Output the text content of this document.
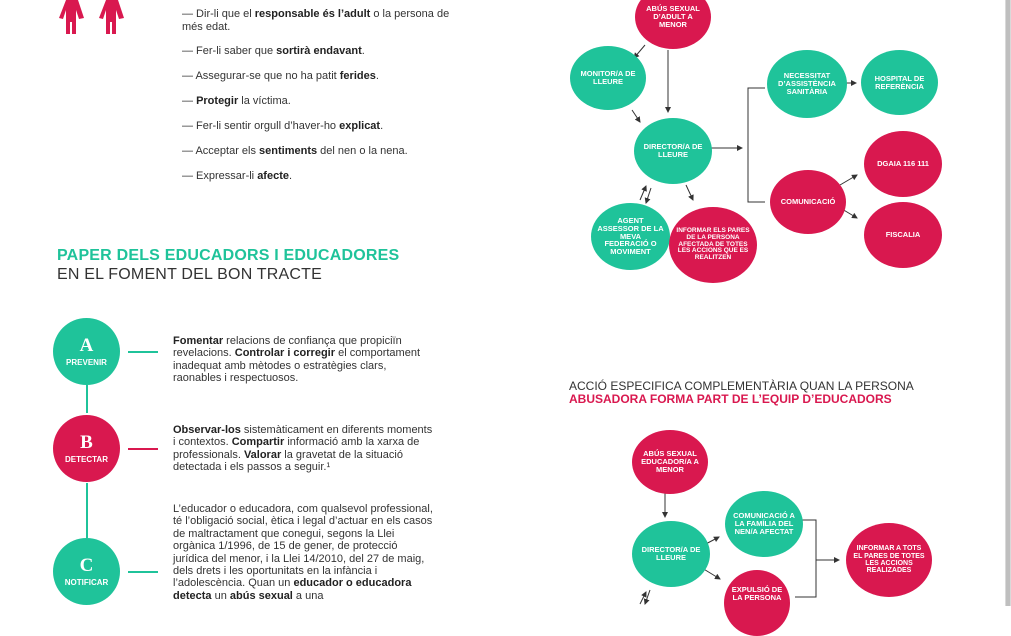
— Dir-li que el responsable és l’adult o la persona de més edat.
— Fer-li saber que sortirà endavant.
— Assegurar-se que no ha patit ferides.
— Protegir la víctima.
— Fer-li sentir orgull d’haver-ho explicat.
— Acceptar els sentiments del nen o la nena.
— Expressar-li afecte.
PAPER DELS EDUCADORS I EDUCADORES
EN EL FOMENT DEL BON TRACTE
A
PREVENIR
B
DETECTAR
C
NOTIFICAR
Fomentar relacions de confiança que propiciïn revelacions. Controlar i corregir el comportament inadequat amb mètodes o estratègies clars, raonables i respectuosos.
Observar-los sistemàticament en diferents moments i contextos. Compartir informació amb la xarxa de professionals. Valorar la gravetat de la situació detectada i els passos a seguir.¹
L’educador o educadora, com qualsevol professional, té l’obligació social, ètica i legal d’actuar en els casos de maltractament que conegui, segons la Llei orgànica 1/1996, de 15 de gener, de protecció jurídica del menor, i la Llei 14/2010, del 27 de maig, dels drets i les oportunitats en la infància i l’adolescència. Quan un educador o educadora detecta un abús sexual a una
ABÚS SEXUAL D’ADULT A MENOR
MONITOR/A DE LLEURE
DIRECTOR/A DE LLEURE
AGENT ASSESSOR DE LA MEVA FEDERACIÓ O MOVIMENT
INFORMAR ELS PARES DE LA PERSONA AFECTADA DE TOTES LES ACCIONS QUE ES REALITZEN
NECESSITAT D’ASSISTÈNCIA SANITÀRIA
HOSPITAL DE REFERÈNCIA
COMUNICACIÓ
DGAIA 116 111
FISCALIA
ACCIÓ ESPECIFICA COMPLEMENTÀRIA QUAN LA PERSONA
ABUSADORA FORMA PART DE L’EQUIP D’EDUCADORS
ABÚS SEXUAL EDUCADOR/A A MENOR
DIRECTOR/A DE LLEURE
COMUNICACIÓ A LA FAMÍLIA DEL NEN/A AFECTAT
EXPULSIÓ DE LA PERSONA
INFORMAR A TOTS EL PARES DE TOTES LES ACCIONS REALIZADES
